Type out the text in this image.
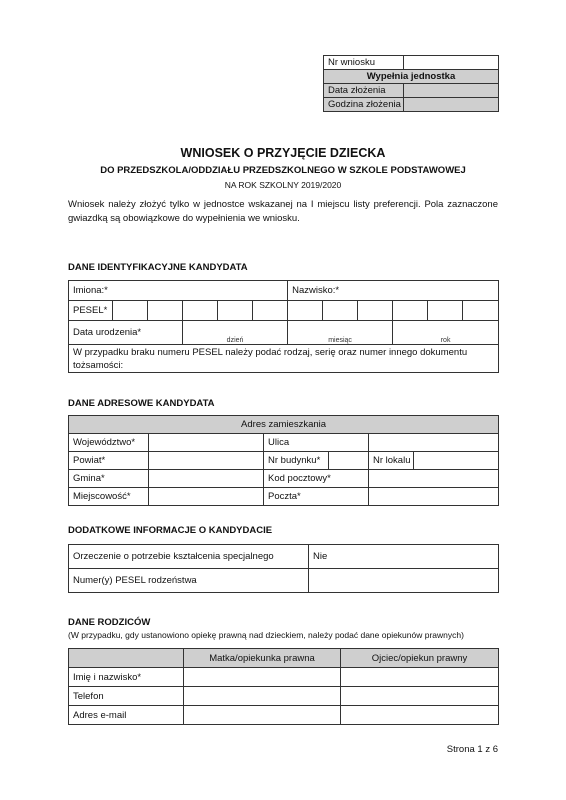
Nr wniosku	
Wypełnia jednostka	
Data złożenia	
Godzina złożenia	
WNIOSEK O PRZYJĘCIE DZIECKA
DO PRZEDSZKOLA/ODDZIAŁU PRZEDSZKOLNEGO W SZKOLE PODSTAWOWEJ
NA ROK SZKOLNY 2019/2020
Wniosek należy złożyć tylko w jednostce wskazanej na I miejscu listy preferencji. Pola zaznaczone gwiazdką są obowiązkowe do wypełnienia we wniosku.
DANE IDENTYFIKACYJNE KANDYDATA
Imiona:*						Nazwisko:*					
PESEL*											
Data urodzenia*			dzień			miesiąc			rok		
W przypadku braku numeru PESEL należy podać rodzaj, serię oraz numer innego dokumentu tożsamości:											
DANE ADRESOWE KANDYDATA
Adres zamieszkania					
Województwo*		Ulica			
Powiat*		Nr budynku*		Nr lokalu	
Gmina*		Kod pocztowy*			
Miejscowość*		Poczta*			
DODATKOWE INFORMACJE O KANDYDACIE
Orzeczenie o potrzebie kształcenia specjalnego	Nie
Numer(y) PESEL rodzeństwa	
DANE RODZICÓW
(W przypadku, gdy ustanowiono opiekę prawną nad dzieckiem, należy podać dane opiekunów prawnych)
	Matka/opiekunka prawna	Ojciec/opiekun prawny
Imię i nazwisko*		
Telefon		
Adres e-mail		
Strona 1 z 6
